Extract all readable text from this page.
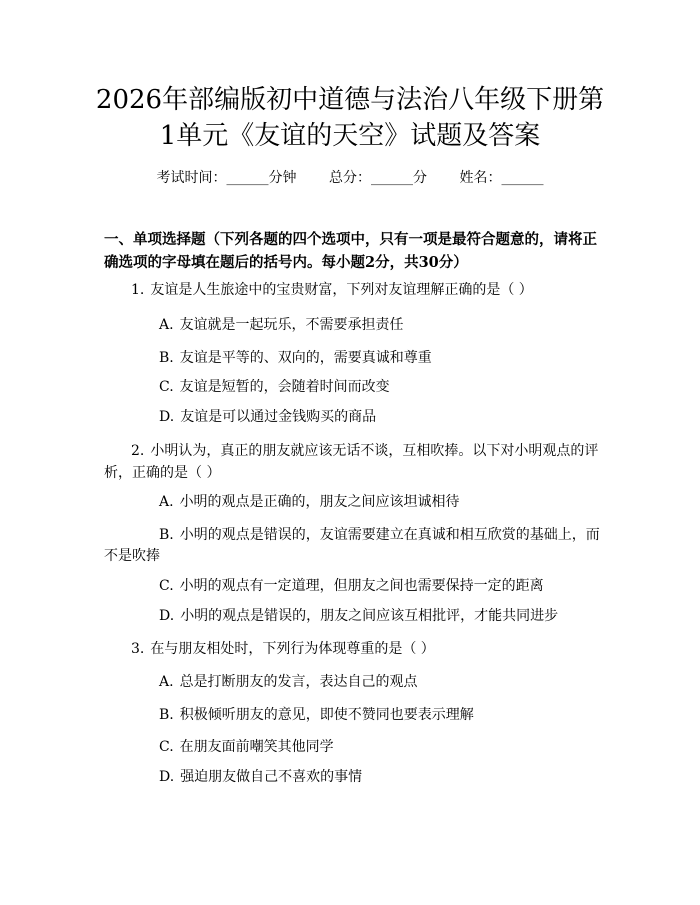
2026年部编版初中道德与法治八年级下册第
1单元《友谊的天空》试题及答案
考试时间：______分钟 总分：______分 姓名：______
一、单项选择题（下列各题的四个选项中，只有一项是最符合题意的，请将正确选项的字母填在题后的括号内。每小题2分，共30分）
1. 友谊是人生旅途中的宝贵财富，下列对友谊理解正确的是（ ）
A. 友谊就是一起玩乐，不需要承担责任
B. 友谊是平等的、双向的，需要真诚和尊重
C. 友谊是短暂的，会随着时间而改变
D. 友谊是可以通过金钱购买的商品
2. 小明认为，真正的朋友就应该无话不谈，互相吹捧。以下对小明观点的评
析，正确的是（ ）
A. 小明的观点是正确的，朋友之间应该坦诚相待
B. 小明的观点是错误的，友谊需要建立在真诚和相互欣赏的基础上，而
不是吹捧
C. 小明的观点有一定道理，但朋友之间也需要保持一定的距离
D. 小明的观点是错误的，朋友之间应该互相批评，才能共同进步
3. 在与朋友相处时，下列行为体现尊重的是（ ）
A. 总是打断朋友的发言，表达自己的观点
B. 积极倾听朋友的意见，即使不赞同也要表示理解
C. 在朋友面前嘲笑其他同学
D. 强迫朋友做自己不喜欢的事情
